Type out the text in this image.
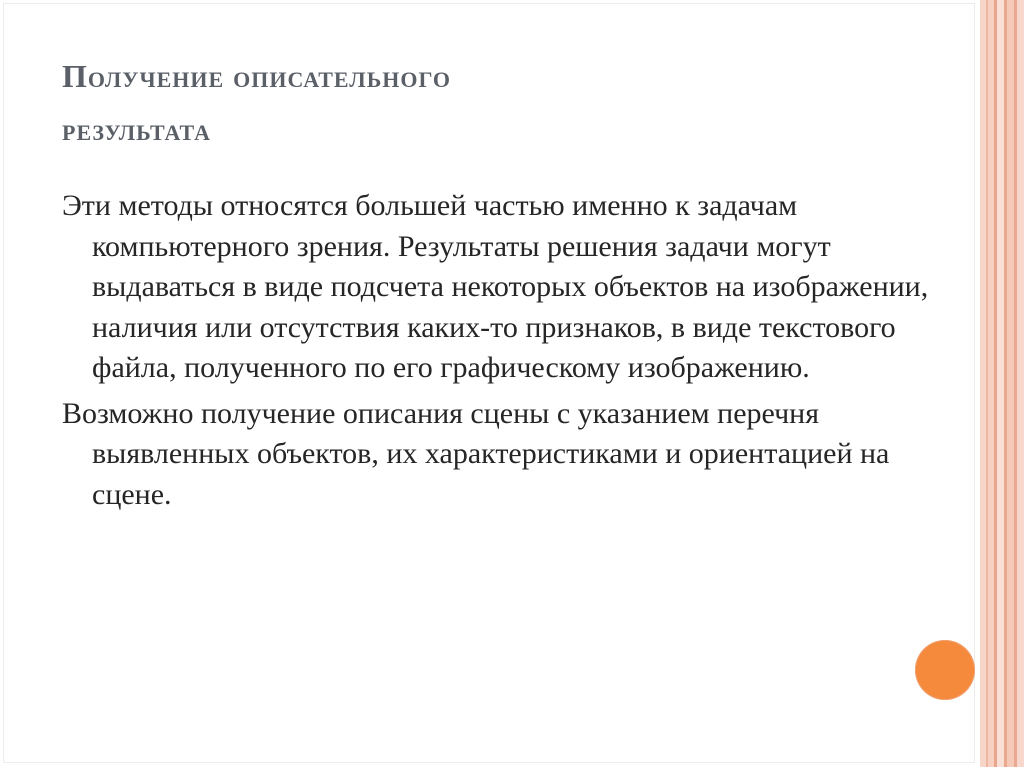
Получение описательного
результата

Эти методы относятся большей частью именно к задачам компьютерного зрения. Результаты решения задачи могут выдаваться в виде подсчета некоторых объектов на изображении, наличия или отсутствия каких-то признаков, в виде текстового файла, полученного по его графическому изображению.

Возможно получение описания сцены с указанием перечня выявленных объектов, их характеристиками и ориентацией на сцене.
